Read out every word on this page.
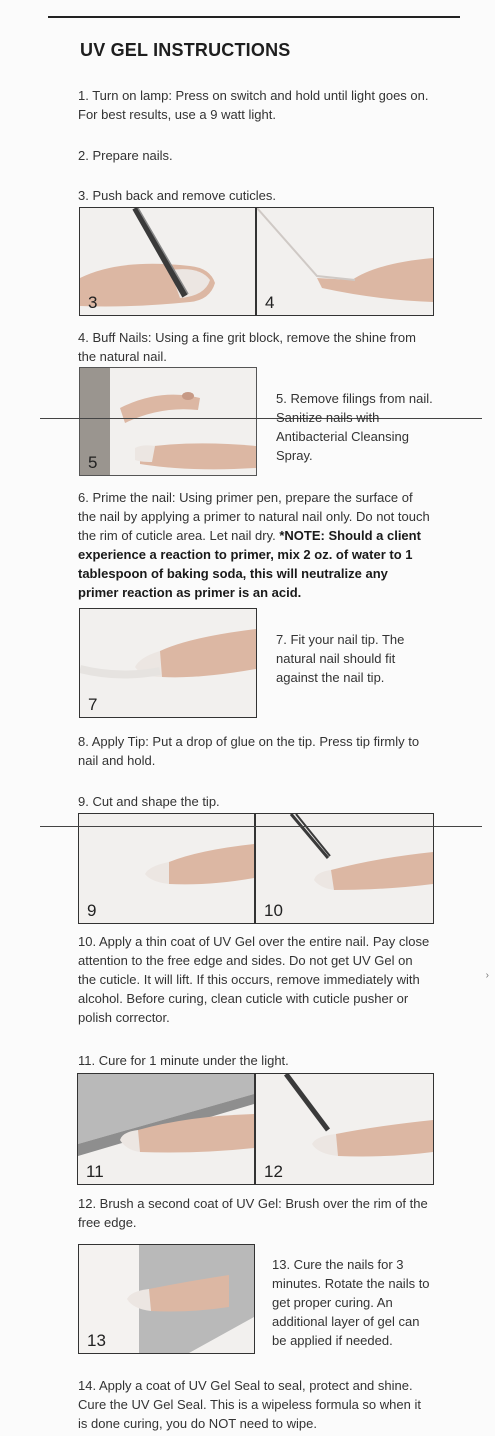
UV GEL INSTRUCTIONS
1. Turn on lamp: Press on switch and hold until light goes on. For best results, use a 9 watt light.
2. Prepare nails.
3. Push back and remove cuticles.
3	4
4. Buff Nails: Using a fine grit block, remove the shine from the natural nail.
5
5. Remove filings from nail. Sanitize nails with Antibacterial Cleansing Spray.
6. Prime the nail: Using primer pen, prepare the surface of the nail by applying a primer to natural nail only. Do not touch the rim of cuticle area. Let nail dry. *NOTE: Should a client experience a reaction to primer, mix 2 oz. of water to 1 tablespoon of baking soda, this will neutralize any primer reaction as primer is an acid.
7
7. Fit your nail tip. The natural nail should fit against the nail tip.
8. Apply Tip: Put a drop of glue on the tip. Press tip firmly to nail and hold.
9. Cut and shape the tip.
9	10
10. Apply a thin coat of UV Gel over the entire nail. Pay close attention to the free edge and sides. Do not get UV Gel on the cuticle. It will lift. If this occurs, remove immediately with alcohol. Before curing, clean cuticle with cuticle pusher or polish corrector.
›
11. Cure for 1 minute under the light.
11	12
12. Brush a second coat of UV Gel: Brush over the rim of the free edge.
13
13. Cure the nails for 3 minutes. Rotate the nails to get proper curing. An additional layer of gel can be applied if needed.
14. Apply a coat of UV Gel Seal to seal, protect and shine. Cure the UV Gel Seal. This is a wipeless formula so when it is done curing, you do NOT need to wipe.
